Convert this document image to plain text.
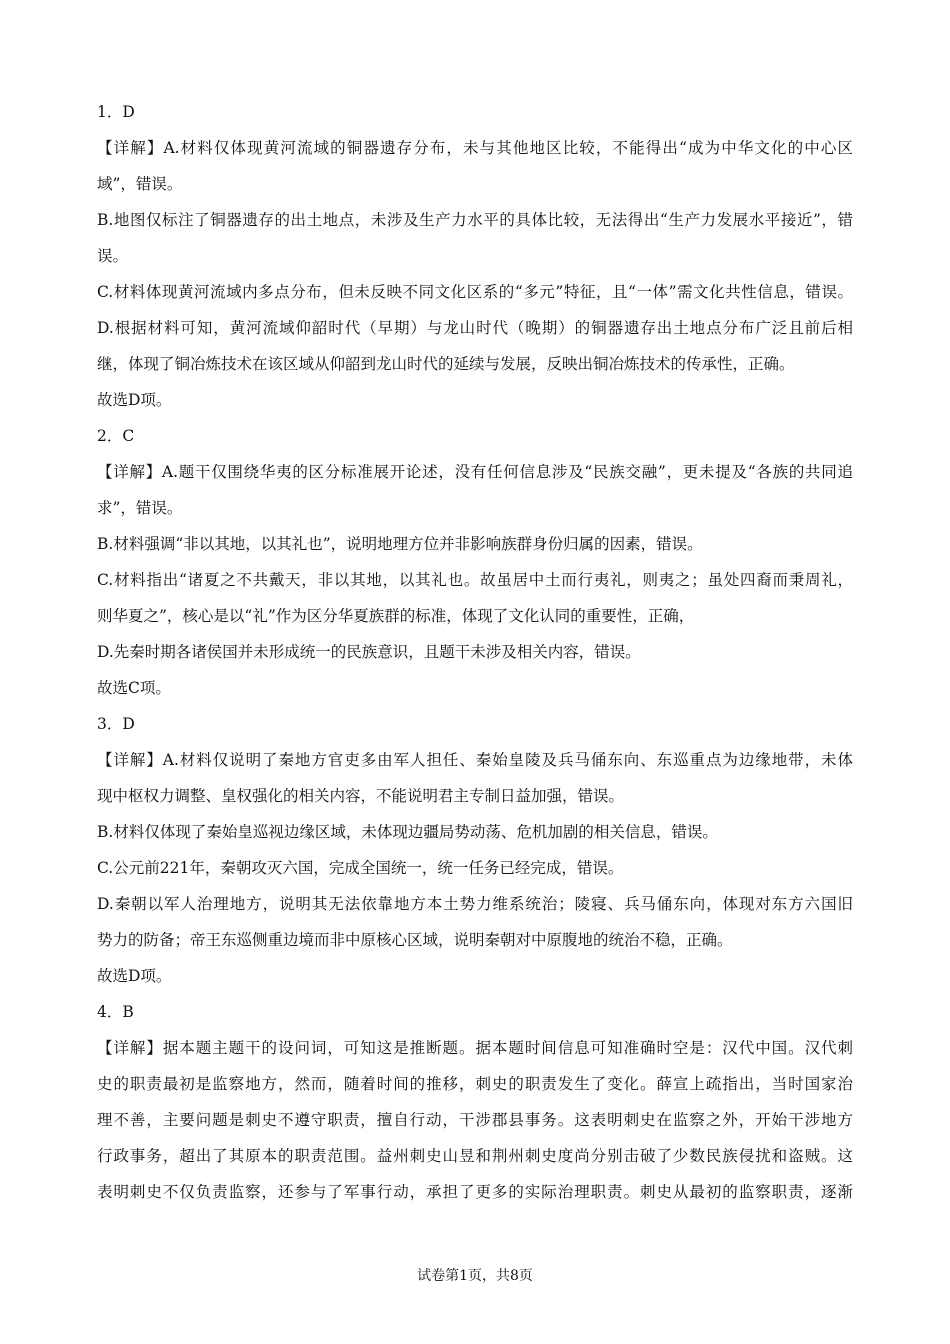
1．D
【详解】A.材料仅体现黄河流域的铜器遗存分布，未与其他地区比较，不能得出“成为中华文化的中心区
域”，错误。
B.地图仅标注了铜器遗存的出土地点，未涉及生产力水平的具体比较，无法得出“生产力发展水平接近”，错
误。
C.材料体现黄河流域内多点分布，但未反映不同文化区系的“多元”特征，且“一体”需文化共性信息，错误。
D.根据材料可知，黄河流域仰韶时代（早期）与龙山时代（晚期）的铜器遗存出土地点分布广泛且前后相
继，体现了铜冶炼技术在该区域从仰韶到龙山时代的延续与发展，反映出铜冶炼技术的传承性，正确。
故选D项。
2．C
【详解】A.题干仅围绕华夷的区分标准展开论述，没有任何信息涉及“民族交融”，更未提及“各族的共同追
求”，错误。
B.材料强调“非以其地，以其礼也”，说明地理方位并非影响族群身份归属的因素，错误。
C.材料指出“诸夏之不共戴天，非以其地，以其礼也。故虽居中土而行夷礼，则夷之；虽处四裔而秉周礼，
则华夏之”，核心是以“礼”作为区分华夏族群的标准，体现了文化认同的重要性，正确，
D.先秦时期各诸侯国并未形成统一的民族意识，且题干未涉及相关内容，错误。
故选C项。
3．D
【详解】A.材料仅说明了秦地方官吏多由军人担任、秦始皇陵及兵马俑东向、东巡重点为边缘地带，未体
现中枢权力调整、皇权强化的相关内容，不能说明君主专制日益加强，错误。
B.材料仅体现了秦始皇巡视边缘区域，未体现边疆局势动荡、危机加剧的相关信息，错误。
C.公元前221年，秦朝攻灭六国，完成全国统一，统一任务已经完成，错误。
D.秦朝以军人治理地方，说明其无法依靠地方本土势力维系统治；陵寝、兵马俑东向，体现对东方六国旧
势力的防备；帝王东巡侧重边境而非中原核心区域，说明秦朝对中原腹地的统治不稳，正确。
故选D项。
4．B
【详解】据本题主题干的设问词，可知这是推断题。据本题时间信息可知准确时空是：汉代中国。汉代刺
史的职责最初是监察地方，然而，随着时间的推移，刺史的职责发生了变化。薛宣上疏指出，当时国家治
理不善，主要问题是刺史不遵守职责，擅自行动，干涉郡县事务。这表明刺史在监察之外，开始干涉地方
行政事务，超出了其原本的职责范围。益州刺史山昱和荆州刺史度尚分别击破了少数民族侵扰和盗贼。这
表明刺史不仅负责监察，还参与了军事行动，承担了更多的实际治理职责。刺史从最初的监察职责，逐渐
试卷第1页，共8页
